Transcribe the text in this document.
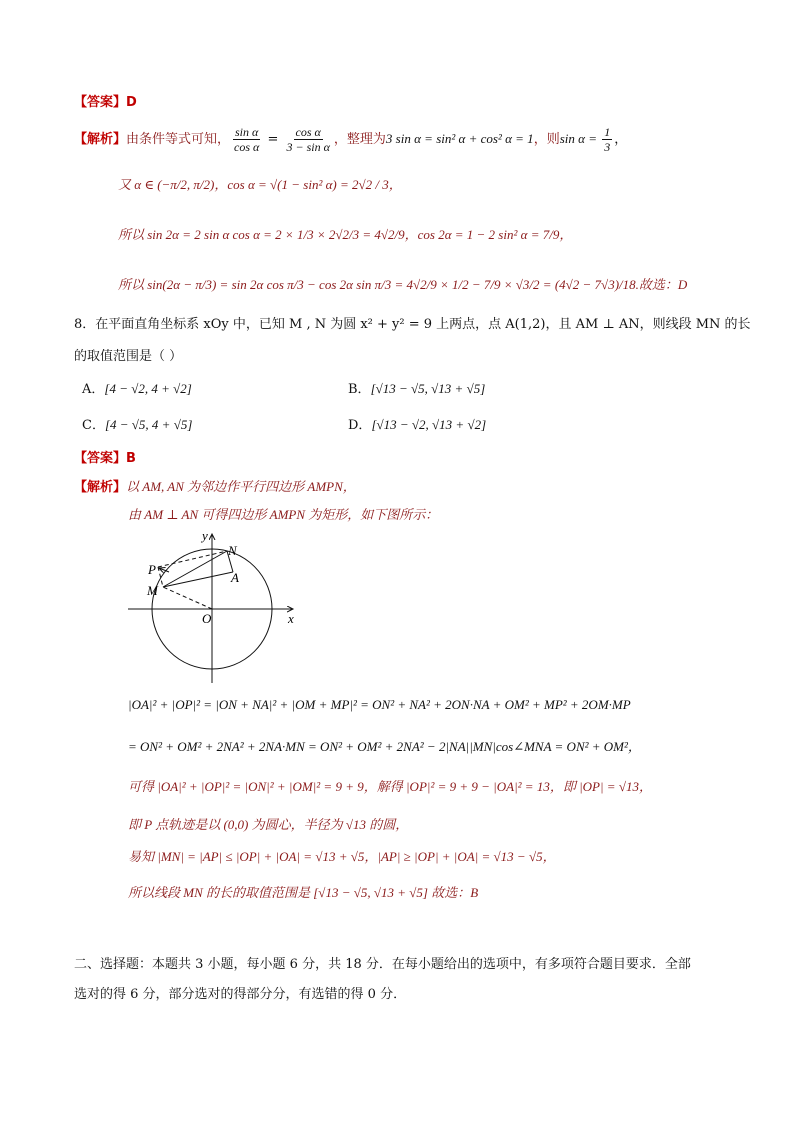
【答案】D
【解析】由条件等式可知， $\frac{\text{sin α}}{\text{cos α}} = \frac{\text{cos α}}{\text{3 − sin α}}$ ，整理为3 sin α = sin² α + cos² α = 1，则$\sin \alpha = \frac{1}{3}$ ，
又 α ∈ (−π/2, π/2)，cos α = √(1 − sin² α) = 2√2 / 3，
所以 sin 2α = 2 sin α cos α = 2 × 1/3 × 2√2/3 = 4√2/9，cos 2α = 1 − 2 sin² α = 7/9，
所以 sin(2α − π/3) = sin 2α cos π/3 − cos 2α sin π/3 = 4√2/9 × 1/2 − 7/9 × √3/2 = (4√2 − 7√3)/18.故选：D
8．在平面直角坐标系 xOy 中，已知 M , N 为圆 x² + y² = 9 上两点，点 A(1,2)，且 AM ⊥ AN，则线段 MN 的长
的取值范围是（ ）
A．[4 − √2, 4 + √2]	B．[√13 − √5, √13 + √5]
C．[4 − √5, 4 + √5]	D．[√13 − √2, √13 + √2]
【答案】B
【解析】以 AM, AN 为邻边作平行四边形 AMPN，
由 AM ⊥ AN 可得四边形 AMPN 为矩形，如下图所示：
y
x
N
P
A
M
O
|OA|² + |OP|² = |ON + NA|² + |OM + MP|² = ON² + NA² + 2ON·NA + OM² + MP² + 2OM·MP
= ON² + OM² + 2NA² + 2NA·MN = ON² + OM² + 2NA² − 2|NA||MN|cos∠MNA = ON² + OM²，
可得 |OA|² + |OP|² = |ON|² + |OM|² = 9 + 9，解得 |OP|² = 9 + 9 − |OA|² = 13，即 |OP| = √13，
即 P 点轨迹是以 (0,0) 为圆心，半径为 √13 的圆，
易知 |MN| = |AP| ≤ |OP| + |OA| = √13 + √5，|AP| ≥ |OP| + |OA| = √13 − √5，
所以线段 MN 的长的取值范围是 [√13 − √5, √13 + √5] 故选：B
二、选择题：本题共 3 小题，每小题 6 分，共 18 分．在每小题给出的选项中，有多项符合题目要求．全部
选对的得 6 分，部分选对的得部分分，有选错的得 0 分．
